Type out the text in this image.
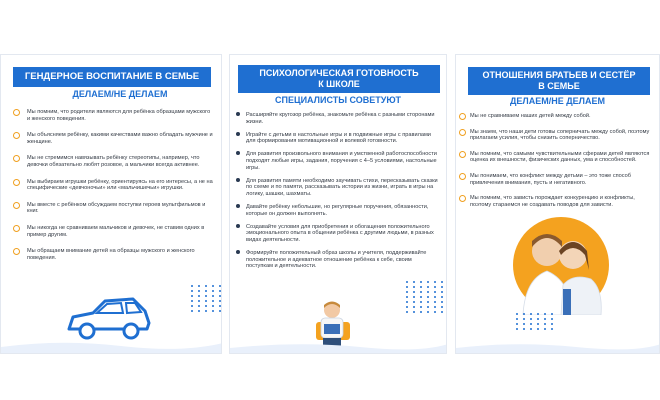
ГЕНДЕРНОЕ ВОСПИТАНИЕ В СЕМЬЕ
ДЕЛАЕМ/НЕ ДЕЛАЕМ
Мы помним, что родители являются для ребёнка образцами мужского и женского поведения.
Мы объясняем ребёнку, какими качествами важно обладать мужчине и женщине.
Мы не стремимся навязывать ребёнку стереотипы, например, что девочки обязательно любят розовое, а мальчики всегда активнее.
Мы выбираем игрушки ребёнку, ориентируясь на его интересы, а не на специфические «девчоночьи» или «мальчишечьи» игрушки.
Мы вместе с ребёнком обсуждаем поступки героев мультфильмов и книг.
Мы никогда не сравниваем мальчиков и девочек, не ставим одних в пример другим.
Мы обращаем внимание детей на образцы мужского и женского поведения.
ПСИХОЛОГИЧЕСКАЯ ГОТОВНОСТЬ
К ШКОЛЕ
СПЕЦИАЛИСТЫ СОВЕТУЮТ
Расширяйте кругозор ребёнка, знакомьте ребёнка с разными сторонами жизни.
Играйте с детьми в настольные игры и в подвижные игры с правилами для формирования мотивационной и волевой готовности.
Для развития произвольного внимания и умственной работоспособности подходят любые игры, задания, поручения с 4–5 условиями, настольные игры.
Для развития памяти необходимо заучивать стихи, пересказывать сказки по схеме и по памяти, рассказывать истории из жизни, играть в игры на логику, шашки, шахматы.
Давайте ребёнку небольшие, но регулярные поручения, обязанности, которые он должен выполнять.
Создавайте условия для приобретения и обогащения положительного эмоционального опыта в общении ребёнка с другими людьми, в разных видах деятельности.
Формируйте положительный образ школы и учителя, поддерживайте положительное и адекватное отношение ребёнка к себе, своим поступкам и деятельности.
ОТНОШЕНИЯ БРАТЬЕВ И СЕСТЁР
В СЕМЬЕ
ДЕЛАЕМ/НЕ ДЕЛАЕМ
Мы не сравниваем наших детей между собой.
Мы знаем, что наши дети готовы соперничать между собой, поэтому прилагаем усилия, чтобы снизить соперничество.
Мы помним, что самыми чувствительными сферами детей являются оценка их внешности, физических данных, ума и способностей.
Мы понимаем, что конфликт между детьми – это тоже способ привлечения внимания, пусть и негативного.
Мы помним, что зависть порождает конкуренцию и конфликты, поэтому стараемся не создавать поводов для зависти.
